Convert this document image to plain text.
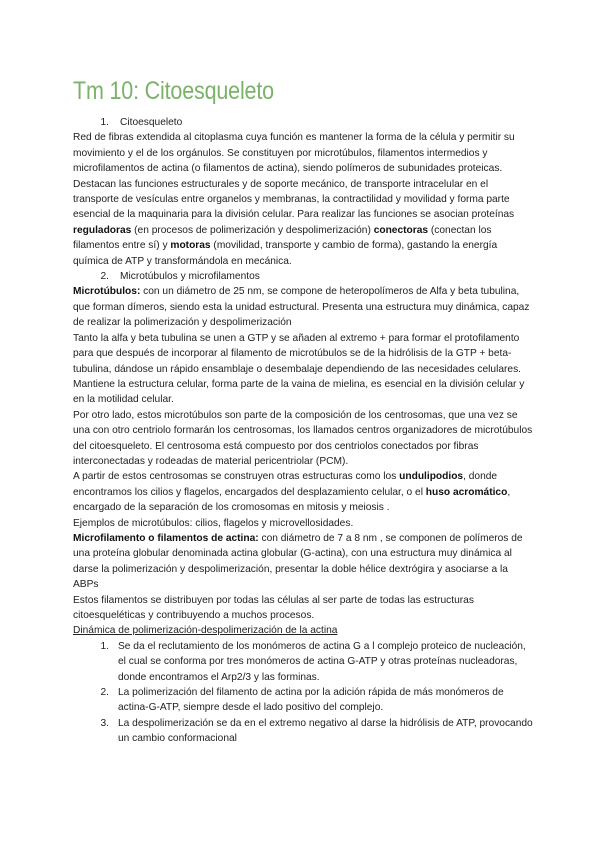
Tm 10: Citoesqueleto
1.	Citoesqueleto

Red de fibras extendida al citoplasma cuya función es mantener la forma de la célula y permitir su movimiento y el de los orgánulos. Se constituyen por microtúbulos, filamentos intermedios y microfilamentos de actina (o filamentos de actina), siendo polímeros de subunidades proteicas.

Destacan las funciones estructurales y de soporte mecánico, de transporte intracelular en el transporte de vesículas entre organelos y membranas, la contractilidad y movilidad y forma parte esencial de la maquinaria para la división celular. Para realizar las funciones se asocian proteínas reguladoras (en procesos de polimerización y despolimerización) conectoras (conectan los filamentos entre sí) y motoras (movilidad, transporte y cambio de forma), gastando la energía química de ATP y transformándola en mecánica.

2.	Microtúbulos y microfilamentos

Microtúbulos: con un diámetro de 25 nm, se compone de heteropolímeros de Alfa y beta tubulina, que forman dímeros, siendo esta la unidad estructural. Presenta una estructura muy dinámica, capaz de realizar la polimerización y despolimerización

Tanto la alfa y beta tubulina se unen a GTP y se añaden al extremo + para formar el protofilamento para que después de incorporar al filamento de microtúbulos se de la hidrólisis de la GTP + beta-tubulina, dándose un rápido ensamblaje o desembalaje dependiendo de las necesidades celulares.

Mantiene la estructura celular, forma parte de la vaina de mielina, es esencial en la división celular y en la motilidad celular.

Por otro lado, estos microtúbulos son parte de la composición de los centrosomas, que una vez se una con otro centriolo formarán los centrosomas, los llamados centros organizadores de microtúbulos del citoesqueleto. El centrosoma está compuesto por dos centriolos conectados por fibras interconectadas y rodeadas de material pericentriolar (PCM).

A partir de estos centrosomas se construyen otras estructuras como los undulipodios, donde encontramos los cilios y flagelos, encargados del desplazamiento celular, o el huso acromático, encargado de la separación de los cromosomas en mitosis y meiosis .

Ejemplos de microtúbulos: cilios, flagelos y microvellosidades.

Microfilamento o filamentos de actina: con diámetro de 7 a 8 nm , se componen de polímeros de una proteína globular denominada actina globular (G-actina), con una estructura muy dinámica al darse la polimerización y despolimerización, presentar la doble hélice dextrógira y asociarse a la ABPs

Estos filamentos se distribuyen por todas las células al ser parte de todas las estructuras citoesqueléticas y contribuyendo a muchos procesos.

Dinámica de polimerización-despolimerización de la actina

1. Se da el reclutamiento de los monómeros de actina G a l complejo proteico de nucleación, el cual se conforma por tres monómeros de actina G-ATP y otras proteínas nucleadoras, donde encontramos el Arp2/3 y las forminas.
2. La polimerización del filamento de actina por la adición rápida de más monómeros de actina-G-ATP, siempre desde el lado positivo del complejo.
3. La despolimerización se da en el extremo negativo al darse la hidrólisis de ATP, provocando un cambio conformacional
